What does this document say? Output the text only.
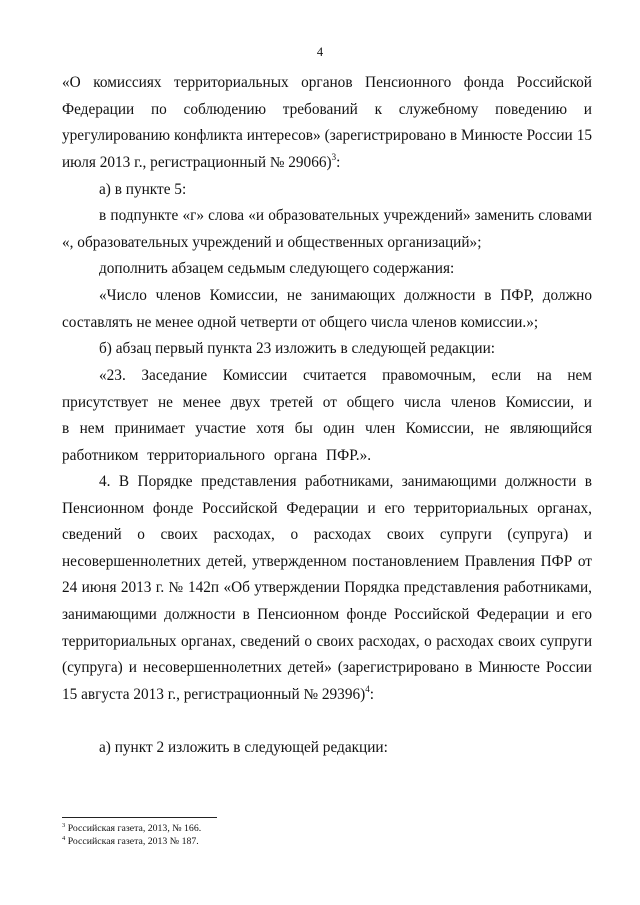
4

«О комиссиях территориальных органов Пенсионного фонда Российской Федерации по соблюдению требований к служебному поведению и урегулированию конфликта интересов» (зарегистрировано в Минюсте России 15 июля 2013 г., регистрационный № 29066)$^3$:

а) в пункте 5:

в подпункте «г» слова «и образовательных учреждений» заменить словами «, образовательных учреждений и общественных организаций»;

дополнить абзацем седьмым следующего содержания:

«Число членов Комиссии, не занимающих должности в ПФР, должно составлять не менее одной четверти от общего числа членов комиссии.»;

б) абзац первый пункта 23 изложить в следующей редакции:

«23. Заседание Комиссии считается правомочным, если на нем присутствует не менее двух третей от общего числа членов Комиссии, и в нем принимает участие хотя бы один член Комиссии, не являющийся работником территориального органа ПФР.».

4. В Порядке представления работниками, занимающими должности в Пенсионном фонде Российской Федерации и его территориальных органах, сведений о своих расходах, о расходах своих супруги (супруга) и несовершеннолетних детей, утвержденном постановлением Правления ПФР от 24 июня 2013 г. № 142п «Об утверждении Порядка представления работниками, занимающими должности в Пенсионном фонде Российской Федерации и его территориальных органах, сведений о своих расходах, о расходах своих супруги (супруга) и несовершеннолетних детей» (зарегистрировано в Минюсте России 15 августа 2013 г., регистрационный № 29396)$^4$:

а) пункт 2 изложить в следующей редакции:

$^3$ Российская газета, 2013, № 166.

$^4$ Российская газета, 2013 № 187.
